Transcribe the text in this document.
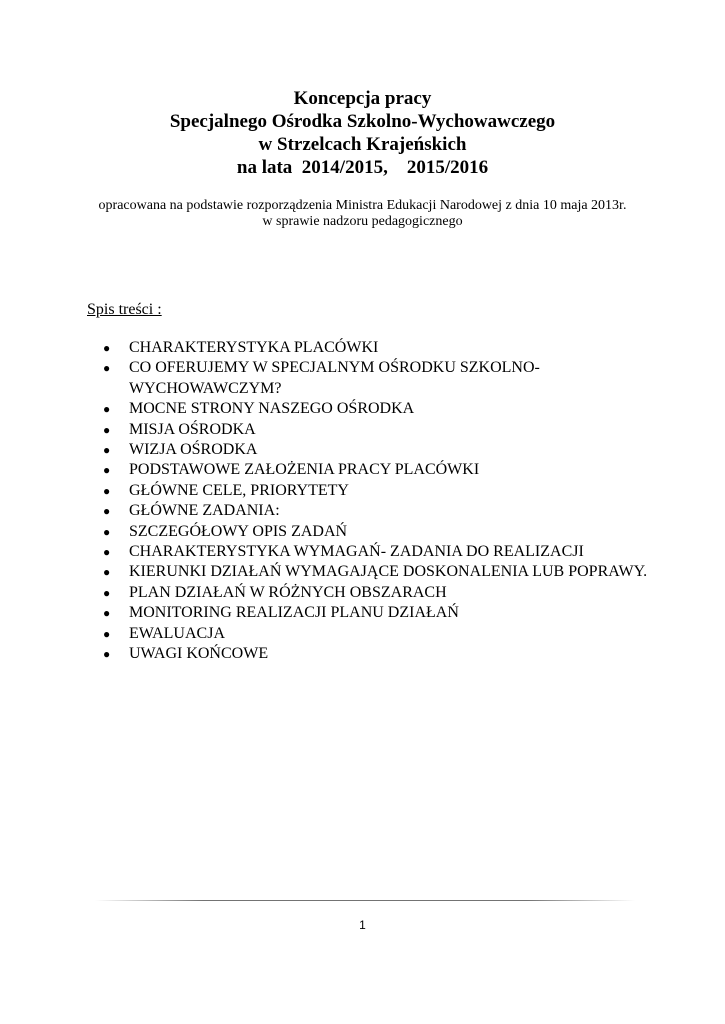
Koncepcja pracy

Specjalnego Ośrodka Szkolno-Wychowawczego

w Strzelcach Krajeńskich

na lata  2014/2015,    2015/2016

opracowana na podstawie rozporządzenia Ministra Edukacji Narodowej z dnia 10 maja 2013r.

w sprawie nadzoru pedagogicznego

Spis treści :

●	CHARAKTERYSTYKA PLACÓWKI
●	CO OFERUJEMY W SPECJALNYM OŚRODKU SZKOLNO-WYCHOWAWCZYM?
●	MOCNE STRONY NASZEGO OŚRODKA
●	MISJA OŚRODKA
●	WIZJA OŚRODKA
●	PODSTAWOWE ZAŁOŻENIA PRACY PLACÓWKI
●	GŁÓWNE CELE, PRIORYTETY
●	GŁÓWNE ZADANIA:
●	SZCZEGÓŁOWY OPIS ZADAŃ
●	CHARAKTERYSTYKA WYMAGAŃ- ZADANIA DO REALIZACJI
●	KIERUNKI DZIAŁAŃ WYMAGAJĄCE DOSKONALENIA LUB POPRAWY.
●	PLAN DZIAŁAŃ W RÓŻNYCH OBSZARACH
●	MONITORING REALIZACJI PLANU DZIAŁAŃ
●	EWALUACJA
●	UWAGI KOŃCOWE
1
